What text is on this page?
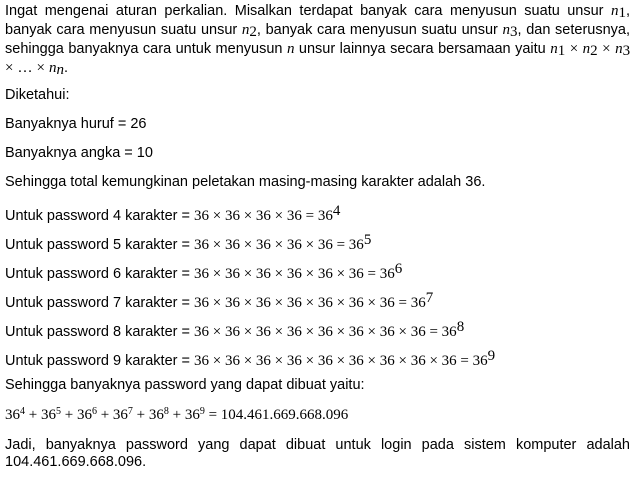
Ingat mengenai aturan perkalian. Misalkan terdapat banyak cara menyusun suatu unsur $n_1$, banyak cara menyusun suatu unsur $n_2$, banyak cara menyusun suatu unsur $n_3$, dan seterusnya, sehingga banyaknya cara untuk menyusun n unsur lainnya secara bersamaan yaitu $n_1 \times n_2 \times n_3$ × … × $n_n$.
Diketahui:
Banyaknya huruf = 26
Banyaknya angka = 10
Sehingga total kemungkinan peletakan masing-masing karakter adalah 36.
Untuk password 4 karakter = $36 \times 36 \times 36 \times 36 = 36^4$
Untuk password 5 karakter = $36 \times 36 \times 36 \times 36 \times 36 = 36^5$
Untuk password 6 karakter = $36 \times 36 \times 36 \times 36 \times 36 \times 36 = 36^6$
Untuk password 7 karakter = $36 \times 36 \times 36 \times 36 \times 36 \times 36 \times 36 = 36^7$
Untuk password 8 karakter = $36 \times 36 \times 36 \times 36 \times 36 \times 36 \times 36 \times 36 = 36^8$
Untuk password 9 karakter = $36 \times 36 \times 36 \times 36 \times 36 \times 36 \times 36 \times 36 \times 36 = 36^9$
Sehingga banyaknya password yang dapat dibuat yaitu:
$36^4 + 36^5 + 36^6 + 36^7 + 36^8 + 36^9 = 104.461.669.668.096$
Jadi, banyaknya password yang dapat dibuat untuk login pada sistem komputer adalah 104.461.669.668.096.
